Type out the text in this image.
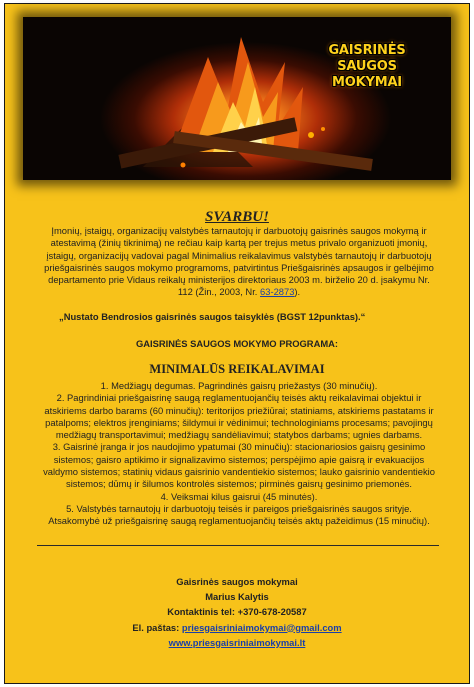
GAISRINĖS SAUGOS
MOKYMAI
SVARBU!
Įmonių, įstaigų, organizacijų valstybės tarnautojų ir darbuotojų gaisrinės saugos mokymą ir atestavimą (žinių tikrinimą) ne rečiau kaip kartą per trejus metus privalo organizuoti įmonių, įstaigų, organizacijų vadovai pagal Minimalius reikalavimus valstybės tarnautojų ir darbuotojų priešgaisrinės saugos mokymo programoms, patvirtintus Priešgaisrinės apsaugos ir gelbėjimo departamento prie Vidaus reikalų ministerijos direktoriaus 2003 m. birželio 20 d. įsakymu Nr. 112 (Žin., 2003, Nr. 63-2873).
„Nustato Bendrosios gaisrinės saugos taisyklės (BGST 12punktas).“
GAISRINĖS SAUGOS MOKYMO PROGRAMA:
MINIMALŪS REIKALAVIMAI

1. Medžiagų degumas. Pagrindinės gaisrų priežastys (30 minučių).

2. Pagrindiniai priešgaisrinę saugą reglamentuojančių teisės aktų reikalavimai objektui ir atskiriems darbo barams (60 minučių): teritorijos priežiūrai; statiniams, atskiriems pastatams ir patalpoms; elektros įrenginiams; šildymui ir vėdinimui; technologiniams procesams; pavojingų medžiagų transportavimui; medžiagų sandėliavimui; statybos darbams; ugnies darbams.

3. Gaisrinė įranga ir jos naudojimo ypatumai (30 minučių): stacionariosios gaisrų gesinimo sistemos; gaisro aptikimo ir signalizavimo sistemos; perspėjimo apie gaisrą ir evakuacijos valdymo sistemos; statinių vidaus gaisrinio vandentiekio sistemos; lauko gaisrinio vandentiekio sistemos; dūmų ir šilumos kontrolės sistemos; pirminės gaisrų gesinimo priemonės.

4. Veiksmai kilus gaisrui (45 minutės).

5. Valstybės tarnautojų ir darbuotojų teisės ir pareigos priešgaisrinės saugos srityje. Atsakomybė už priešgaisrinę saugą reglamentuojančių teisės aktų pažeidimus (15 minučių).

Gaisrinės saugos mokymai
Marius Kalytis
Kontaktinis tel: +370-678-20587
El. paštas: priesgaisriniaimokymai@gmail.com
www.priesgaisriniaimokymai.lt
